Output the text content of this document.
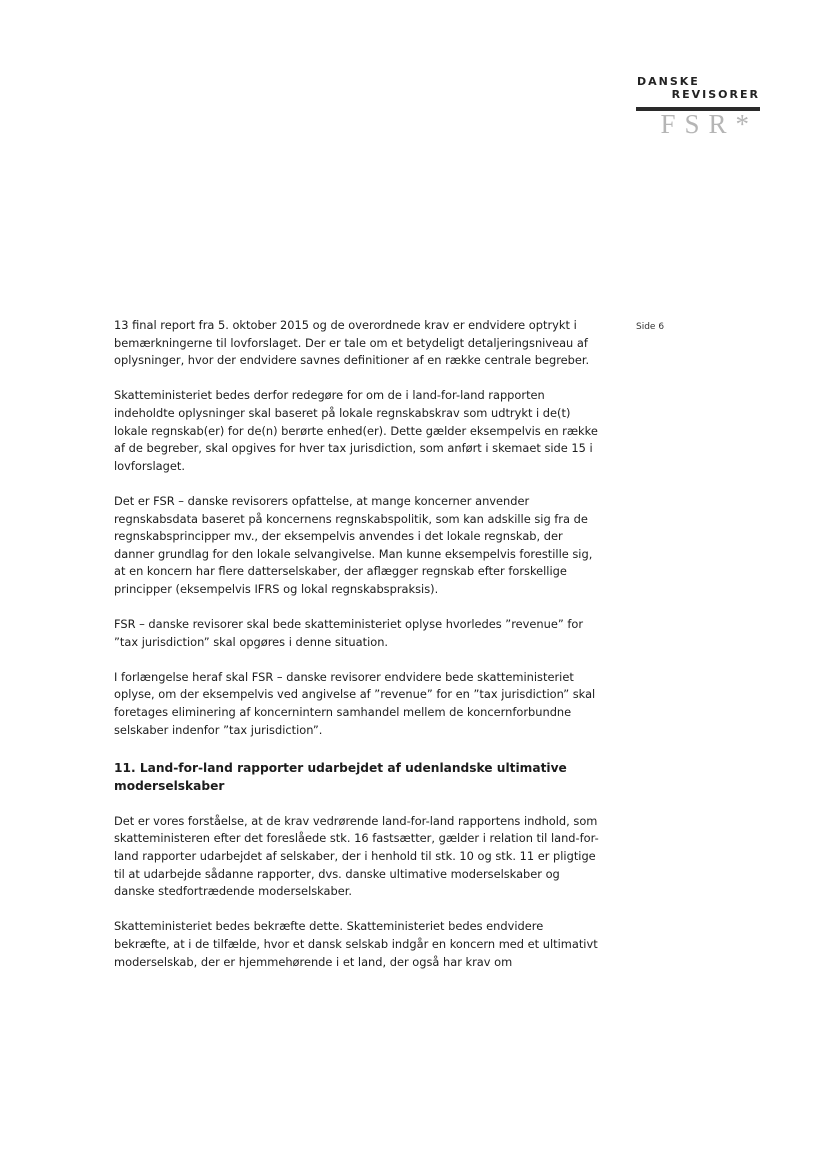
DANSKE
REVISORER
FSR*
Side 6

13 final report fra 5. oktober 2015 og de overordnede krav er endvidere optrykt i bemærkningerne til lovforslaget. Der er tale om et betydeligt detaljeringsniveau af oplysninger, hvor der endvidere savnes definitioner af en række centrale begreber.

Skatteministeriet bedes derfor redegøre for om de i land-for-land rapporten indeholdte oplysninger skal baseret på lokale regnskabskrav som udtrykt i de(t) lokale regnskab(er) for de(n) berørte enhed(er). Dette gælder eksempelvis en række af de begreber, skal opgives for hver tax jurisdiction, som anført i skemaet side 15 i lovforslaget.

Det er FSR – danske revisorers opfattelse, at mange koncerner anvender regnskabsdata baseret på koncernens regnskabspolitik, som kan adskille sig fra de regnskabsprincipper mv., der eksempelvis anvendes i det lokale regnskab, der danner grundlag for den lokale selvangivelse. Man kunne eksempelvis forestille sig, at en koncern har flere datterselskaber, der aflægger regnskab efter forskellige principper (eksempelvis IFRS og lokal regnskabspraksis).

FSR – danske revisorer skal bede skatteministeriet oplyse hvorledes ”revenue” for ”tax jurisdiction” skal opgøres i denne situation.

I forlængelse heraf skal FSR – danske revisorer endvidere bede skatteministeriet oplyse, om der eksempelvis ved angivelse af ”revenue” for en ”tax jurisdiction” skal foretages eliminering af koncernintern samhandel mellem de koncernforbundne selskaber indenfor ”tax jurisdiction”.

11. Land-for-land rapporter udarbejdet af udenlandske ultimative moderselskaber

Det er vores forståelse, at de krav vedrørende land-for-land rapportens indhold, som skatteministeren efter det foreslåede stk. 16 fastsætter, gælder i relation til land-for-land rapporter udarbejdet af selskaber, der i henhold til stk. 10 og stk. 11 er pligtige til at udarbejde sådanne rapporter, dvs. danske ultimative moderselskaber og danske stedfortrædende moderselskaber.

Skatteministeriet bedes bekræfte dette. Skatteministeriet bedes endvidere bekræfte, at i de tilfælde, hvor et dansk selskab indgår en koncern med et ultimativt moderselskab, der er hjemmehørende i et land, der også har krav om
